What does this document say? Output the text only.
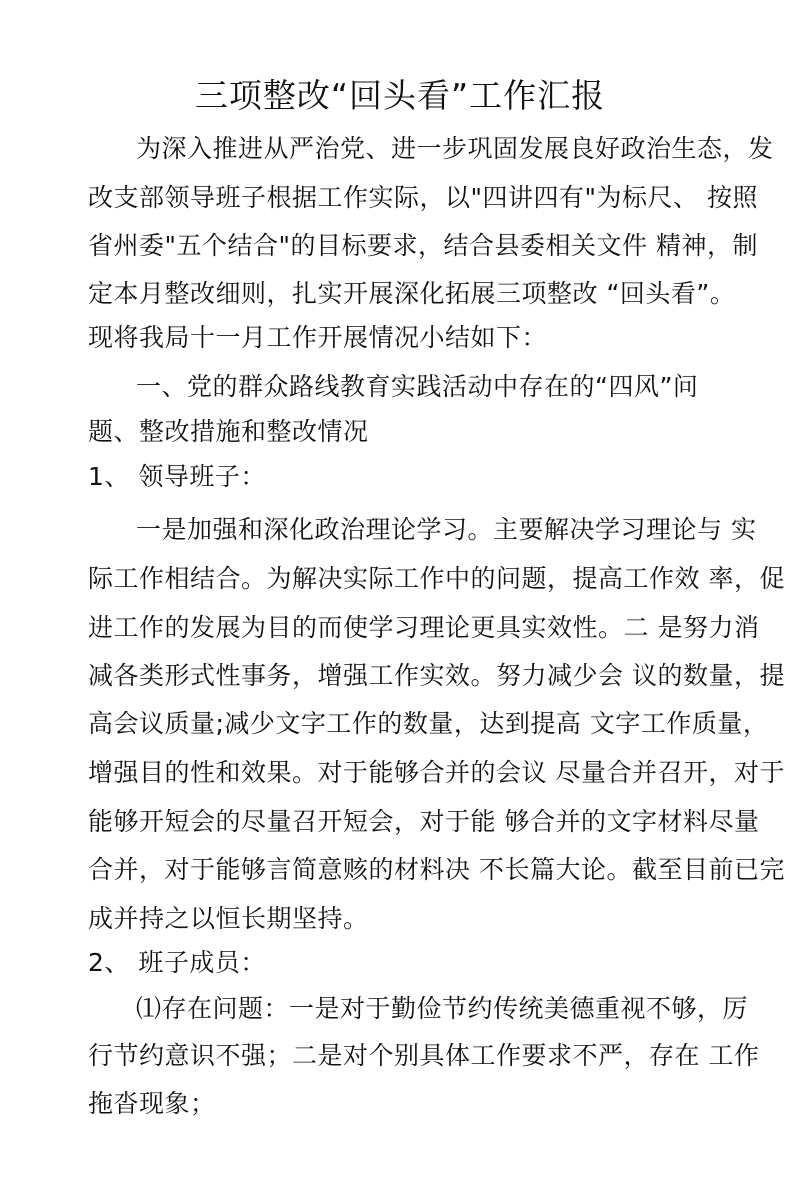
三项整改“回头看”工作汇报
为深入推进从严治党、进一步巩固发展良好政治生态，发
改支部领导班子根据工作实际，以"四讲四有"为标尺、 按照
省州委"五个结合"的目标要求，结合县委相关文件 精神，制
定本月整改细则，扎实开展深化拓展三项整改 “回头看”。
现将我局十一月工作开展情况小结如下：
一、党的群众路线教育实践活动中存在的“四风”问
题、整改措施和整改情况
1、 领导班子：
一是加强和深化政治理论学习。主要解决学习理论与 实
际工作相结合。为解决实际工作中的问题，提高工作效 率，促
进工作的发展为目的而使学习理论更具实效性。二 是努力消
减各类形式性事务，增强工作实效。努力减少会 议的数量，提
高会议质量;减少文字工作的数量，达到提高 文字工作质量，
增强目的性和效果。对于能够合并的会议 尽量合并召开，对于
能够开短会的尽量召开短会，对于能 够合并的文字材料尽量
合并，对于能够言简意赅的材料决 不长篇大论。截至目前已完
成并持之以恒长期坚持。
2、 班子成员：
⑴存在问题：一是对于勤俭节约传统美德重视不够，厉
行节约意识不强；二是对个别具体工作要求不严，存在 工作
拖沓现象；
